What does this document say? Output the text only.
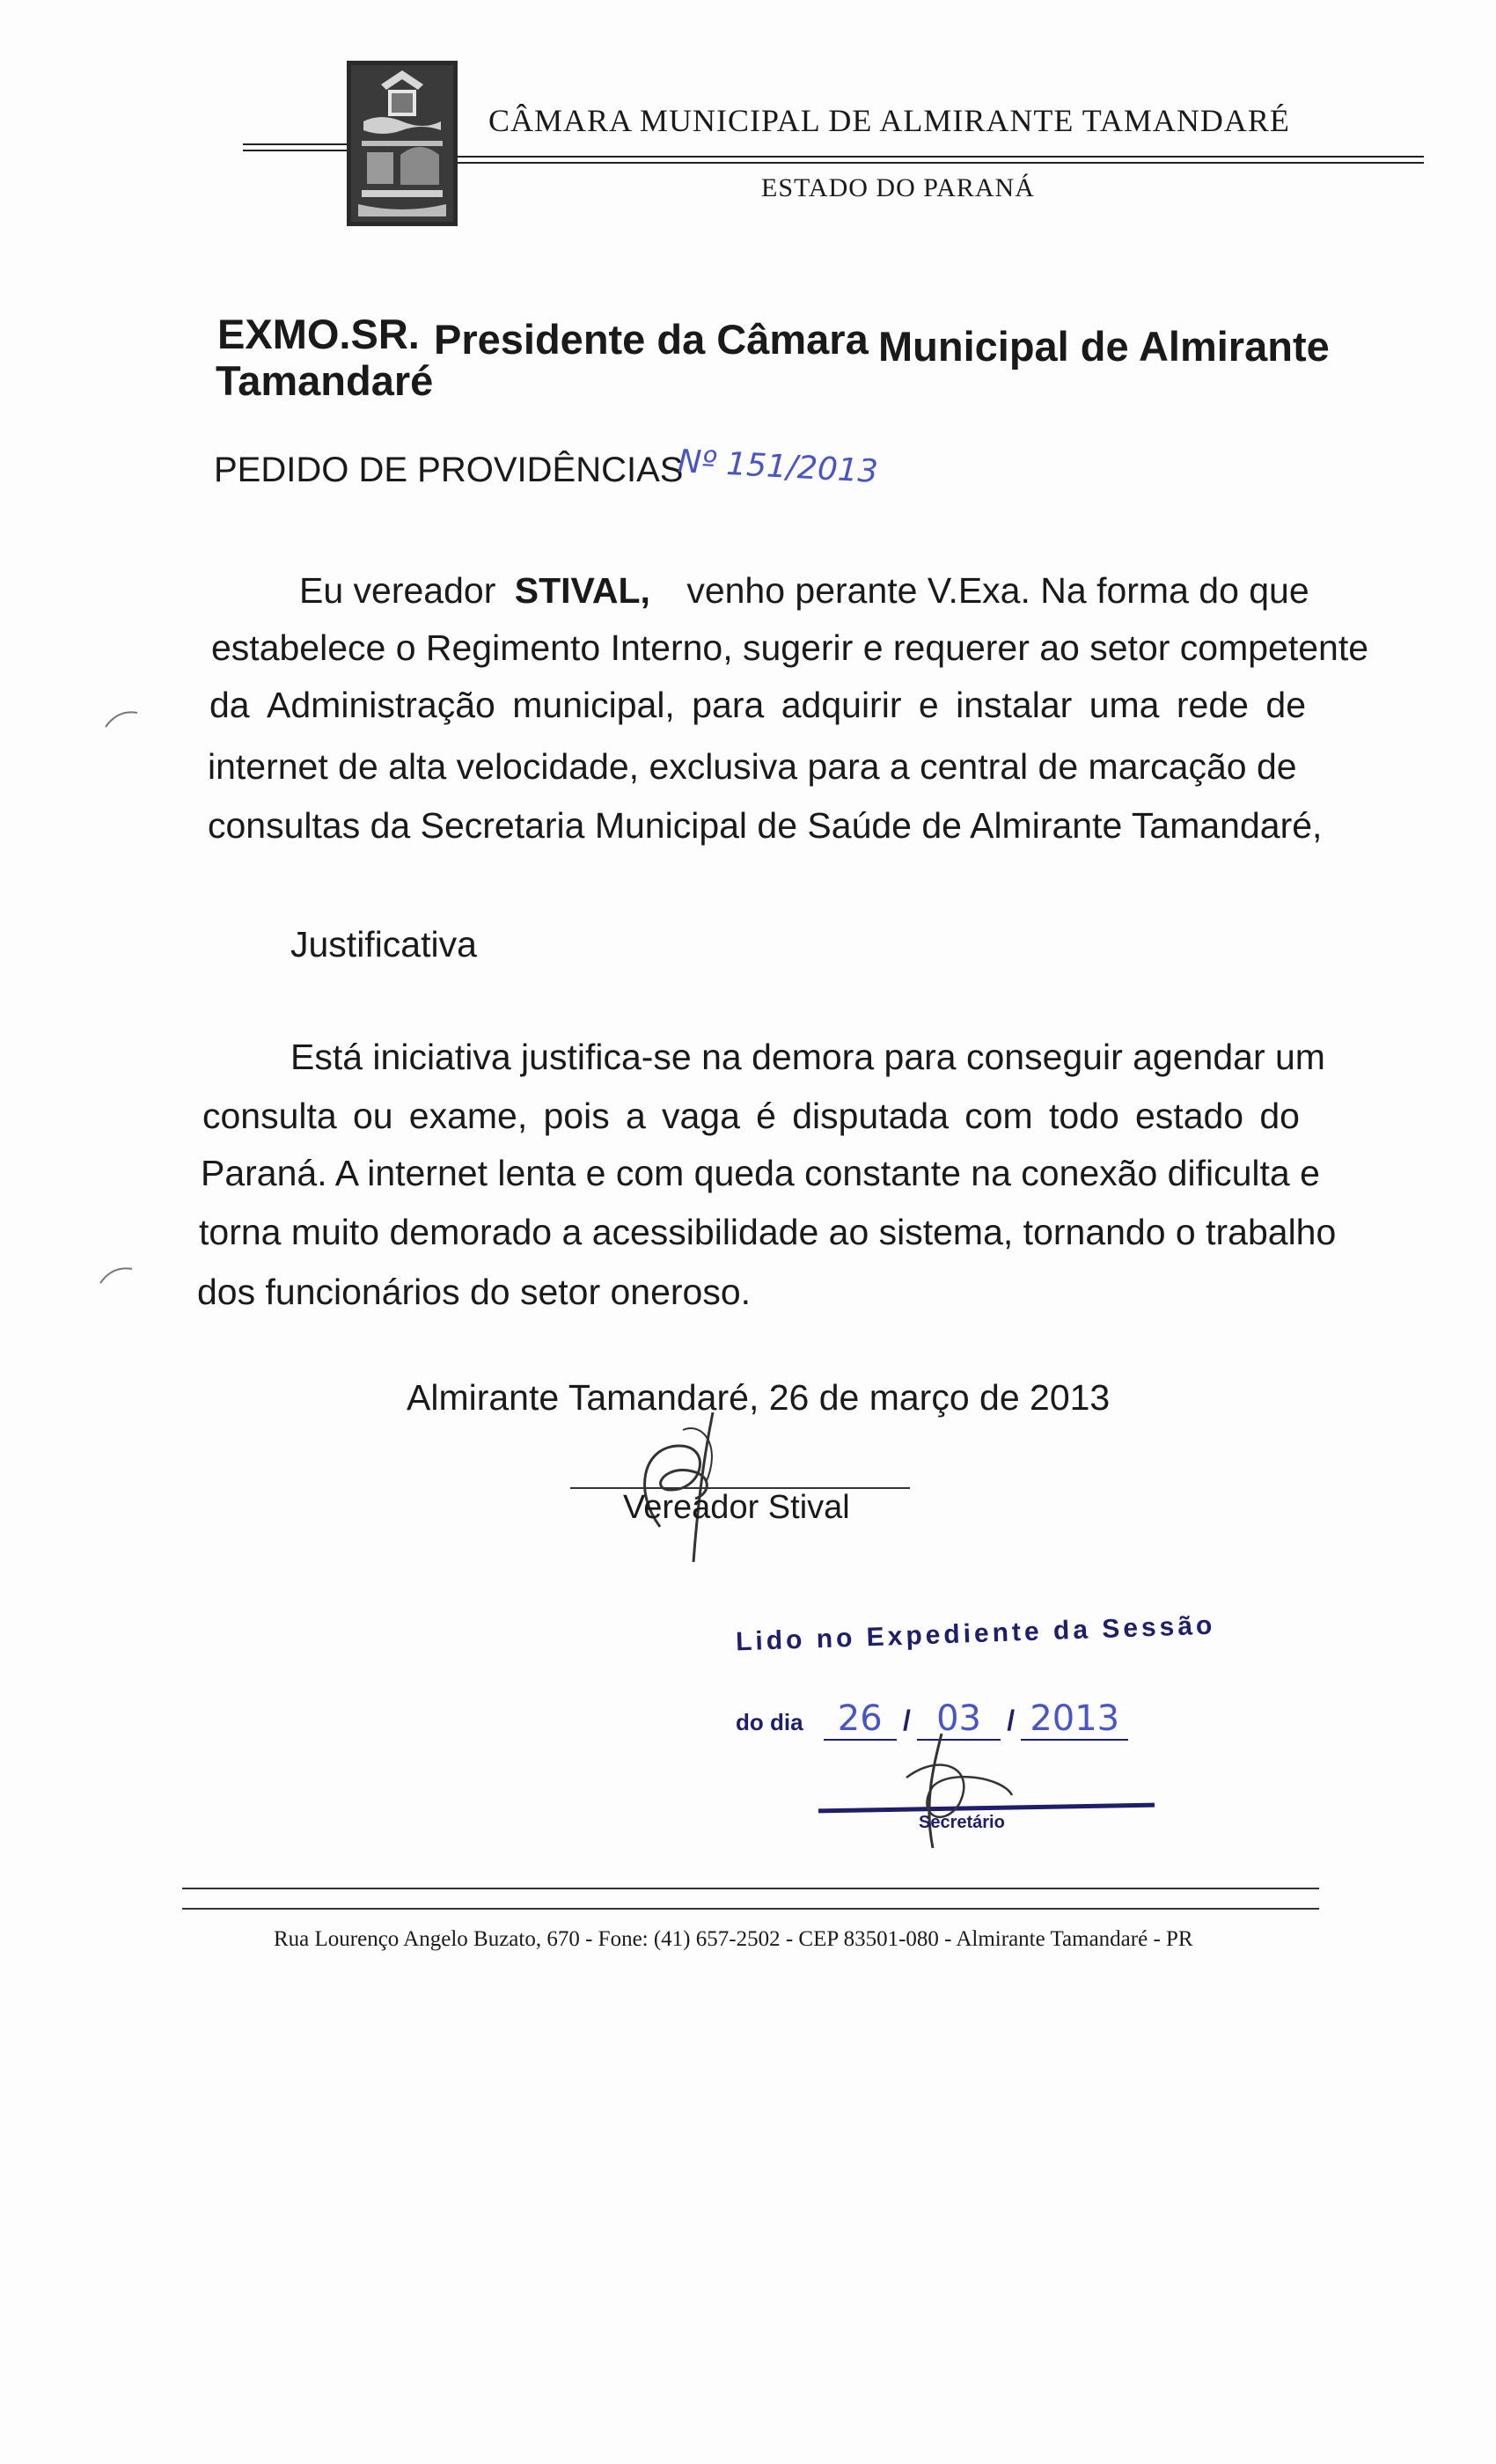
CÂMARA MUNICIPAL DE ALMIRANTE TAMANDARÉ
ESTADO DO PARANÁ
EXMO.SR. Presidente da Câmara Municipal de Almirante
Tamandaré
PEDIDO DE PROVIDÊNCIAS
Nº 151/2013
Eu vereador STIVAL, venho perante V.Exa. Na forma do que
estabelece o Regimento Interno, sugerir e requerer ao setor competente
da Administração municipal, para adquirir e instalar uma rede de
internet de alta velocidade, exclusiva para a central de marcação de
consultas da Secretaria Municipal de Saúde de Almirante Tamandaré,
Justificativa
Está iniciativa justifica-se na demora para conseguir agendar um
consulta ou exame, pois a vaga é disputada com todo estado do
Paraná. A internet lenta e com queda constante na conexão dificulta e
torna muito demorado a acessibilidade ao sistema, tornando o trabalho
dos funcionários do setor oneroso.
Almirante Tamandaré, 26 de março de 2013
Vereador Stival
Lido no Expediente da Sessão
do dia 26 / 03 / 2013
Secretário
Rua Lourenço Angelo Buzato, 670 - Fone: (41) 657-2502 - CEP 83501-080 - Almirante Tamandaré - PR
